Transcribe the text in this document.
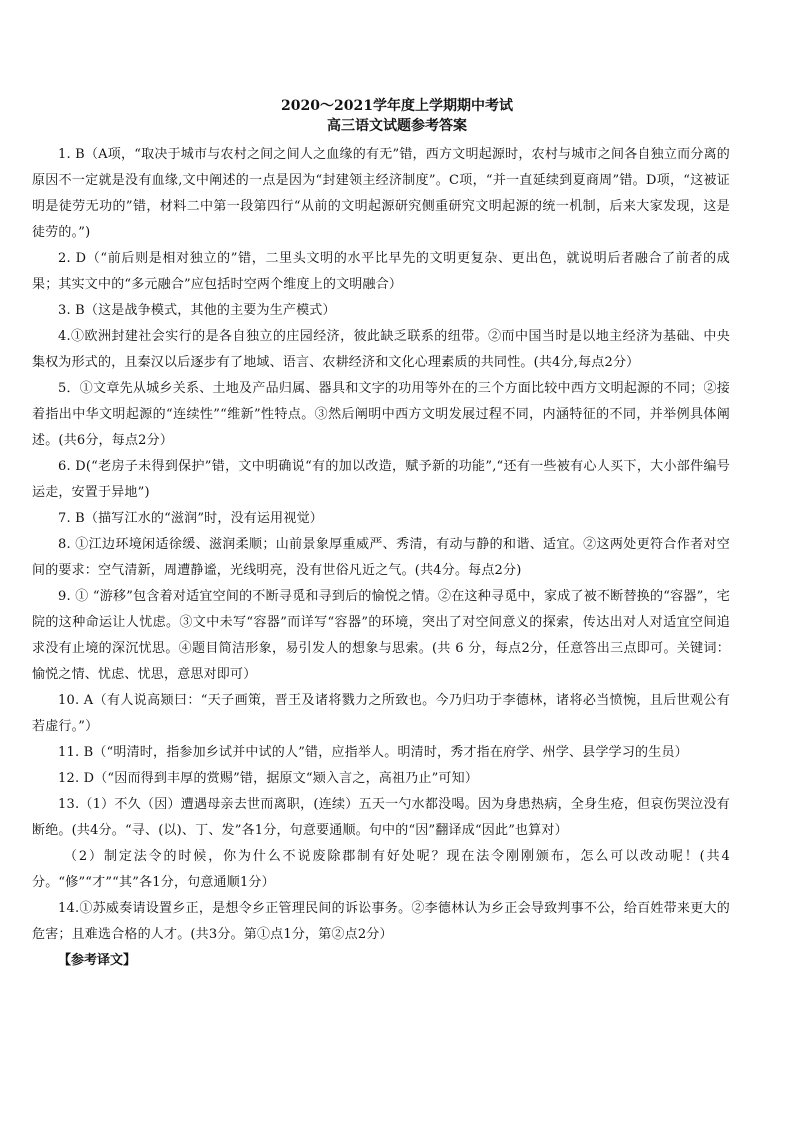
2020～2021学年度上学期期中考试
高三语文试题参考答案

1. B（A项，“取决于城市与农村之间之间人之血缘的有无”错，西方文明起源时，农村与城市之间各自独立而分离的原因不一定就是没有血缘,文中阐述的一点是因为“封建领主经济制度”。C项，“并一直延续到夏商周”错。D项，“这被证明是徒劳无功的”错，材料二中第一段第四行“从前的文明起源研究侧重研究文明起源的统一机制，后来大家发现，这是徒劳的。”)

2. D（“前后则是相对独立的”错，二里头文明的水平比早先的文明更复杂、更出色，就说明后者融合了前者的成果；其实文中的“多元融合”应包括时空两个维度上的文明融合）

3. B（这是战争模式，其他的主要为生产模式）

4.①欧洲封建社会实行的是各自独立的庄园经济，彼此缺乏联系的纽带。②而中国当时是以地主经济为基础、中央集权为形式的，且秦汉以后逐步有了地域、语言、农耕经济和文化心理素质的共同性。(共4分,每点2分）

5．①文章先从城乡关系、土地及产品归属、器具和文字的功用等外在的三个方面比较中西方文明起源的不同；②接着指出中华文明起源的“连续性”“维新”性特点。③然后阐明中西方文明发展过程不同，内涵特征的不同，并举例具体阐述。(共6分，每点2分）

6. D(“老房子未得到保护”错，文中明确说“有的加以改造，赋予新的功能”,“还有一些被有心人买下，大小部件编号运走，安置于异地”)

7. B（描写江水的“滋润”时，没有运用视觉）

8. ①江边环境闲适徐缓、滋润柔顺；山前景象厚重威严、秀清，有动与静的和谐、适宜。②这两处更符合作者对空间的要求：空气清新，周遭静谧，光线明亮，没有世俗凡近之气。(共4分。每点2分)

9. ① “游移”包含着对适宜空间的不断寻觅和寻到后的愉悦之情。②在这种寻觅中，家成了被不断替换的“容器”，宅院的这种命运让人忧虑。③文中未写“容器”而详写“容器”的环境，突出了对空间意义的探索，传达出对人对适宜空间追求没有止境的深沉忧思。④题目简洁形象，易引发人的想象与思索。(共 6 分，每点2分，任意答出三点即可。关键词：愉悦之情、忧虑、忧思，意思对即可）

10. A（有人说高颎曰：“天子画策，晋王及诸将戮力之所致也。今乃归功于李德林，诸将必当愤惋，且后世观公有若虚行。”）

11. B（“明清时，指参加乡试并中试的人”错，应指举人。明清时，秀才指在府学、州学、县学学习的生员）

12. D（“因而得到丰厚的赏赐”错，据原文“颎入言之，高祖乃止”可知）

13.（1）不久（因）遭遇母亲去世而离职，(连续）五天一勺水都没喝。因为身患热病，全身生疮，但哀伤哭泣没有断绝。(共4分。“寻、(以)、丁、发”各1分，句意要通顺。句中的“因”翻译成“因此”也算对）

（2）制定法令的时候，你为什么不说废除郡制有好处呢？现在法令刚刚颁布，怎么可以改动呢！(共4分。“修”“才”“其”各1分，句意通顺1分）

14.①苏威奏请设置乡正，是想令乡正管理民间的诉讼事务。②李德林认为乡正会导致判事不公，给百姓带来更大的危害；且难选合格的人才。(共3分。第①点1分，第②点2分）

【参考译文】
